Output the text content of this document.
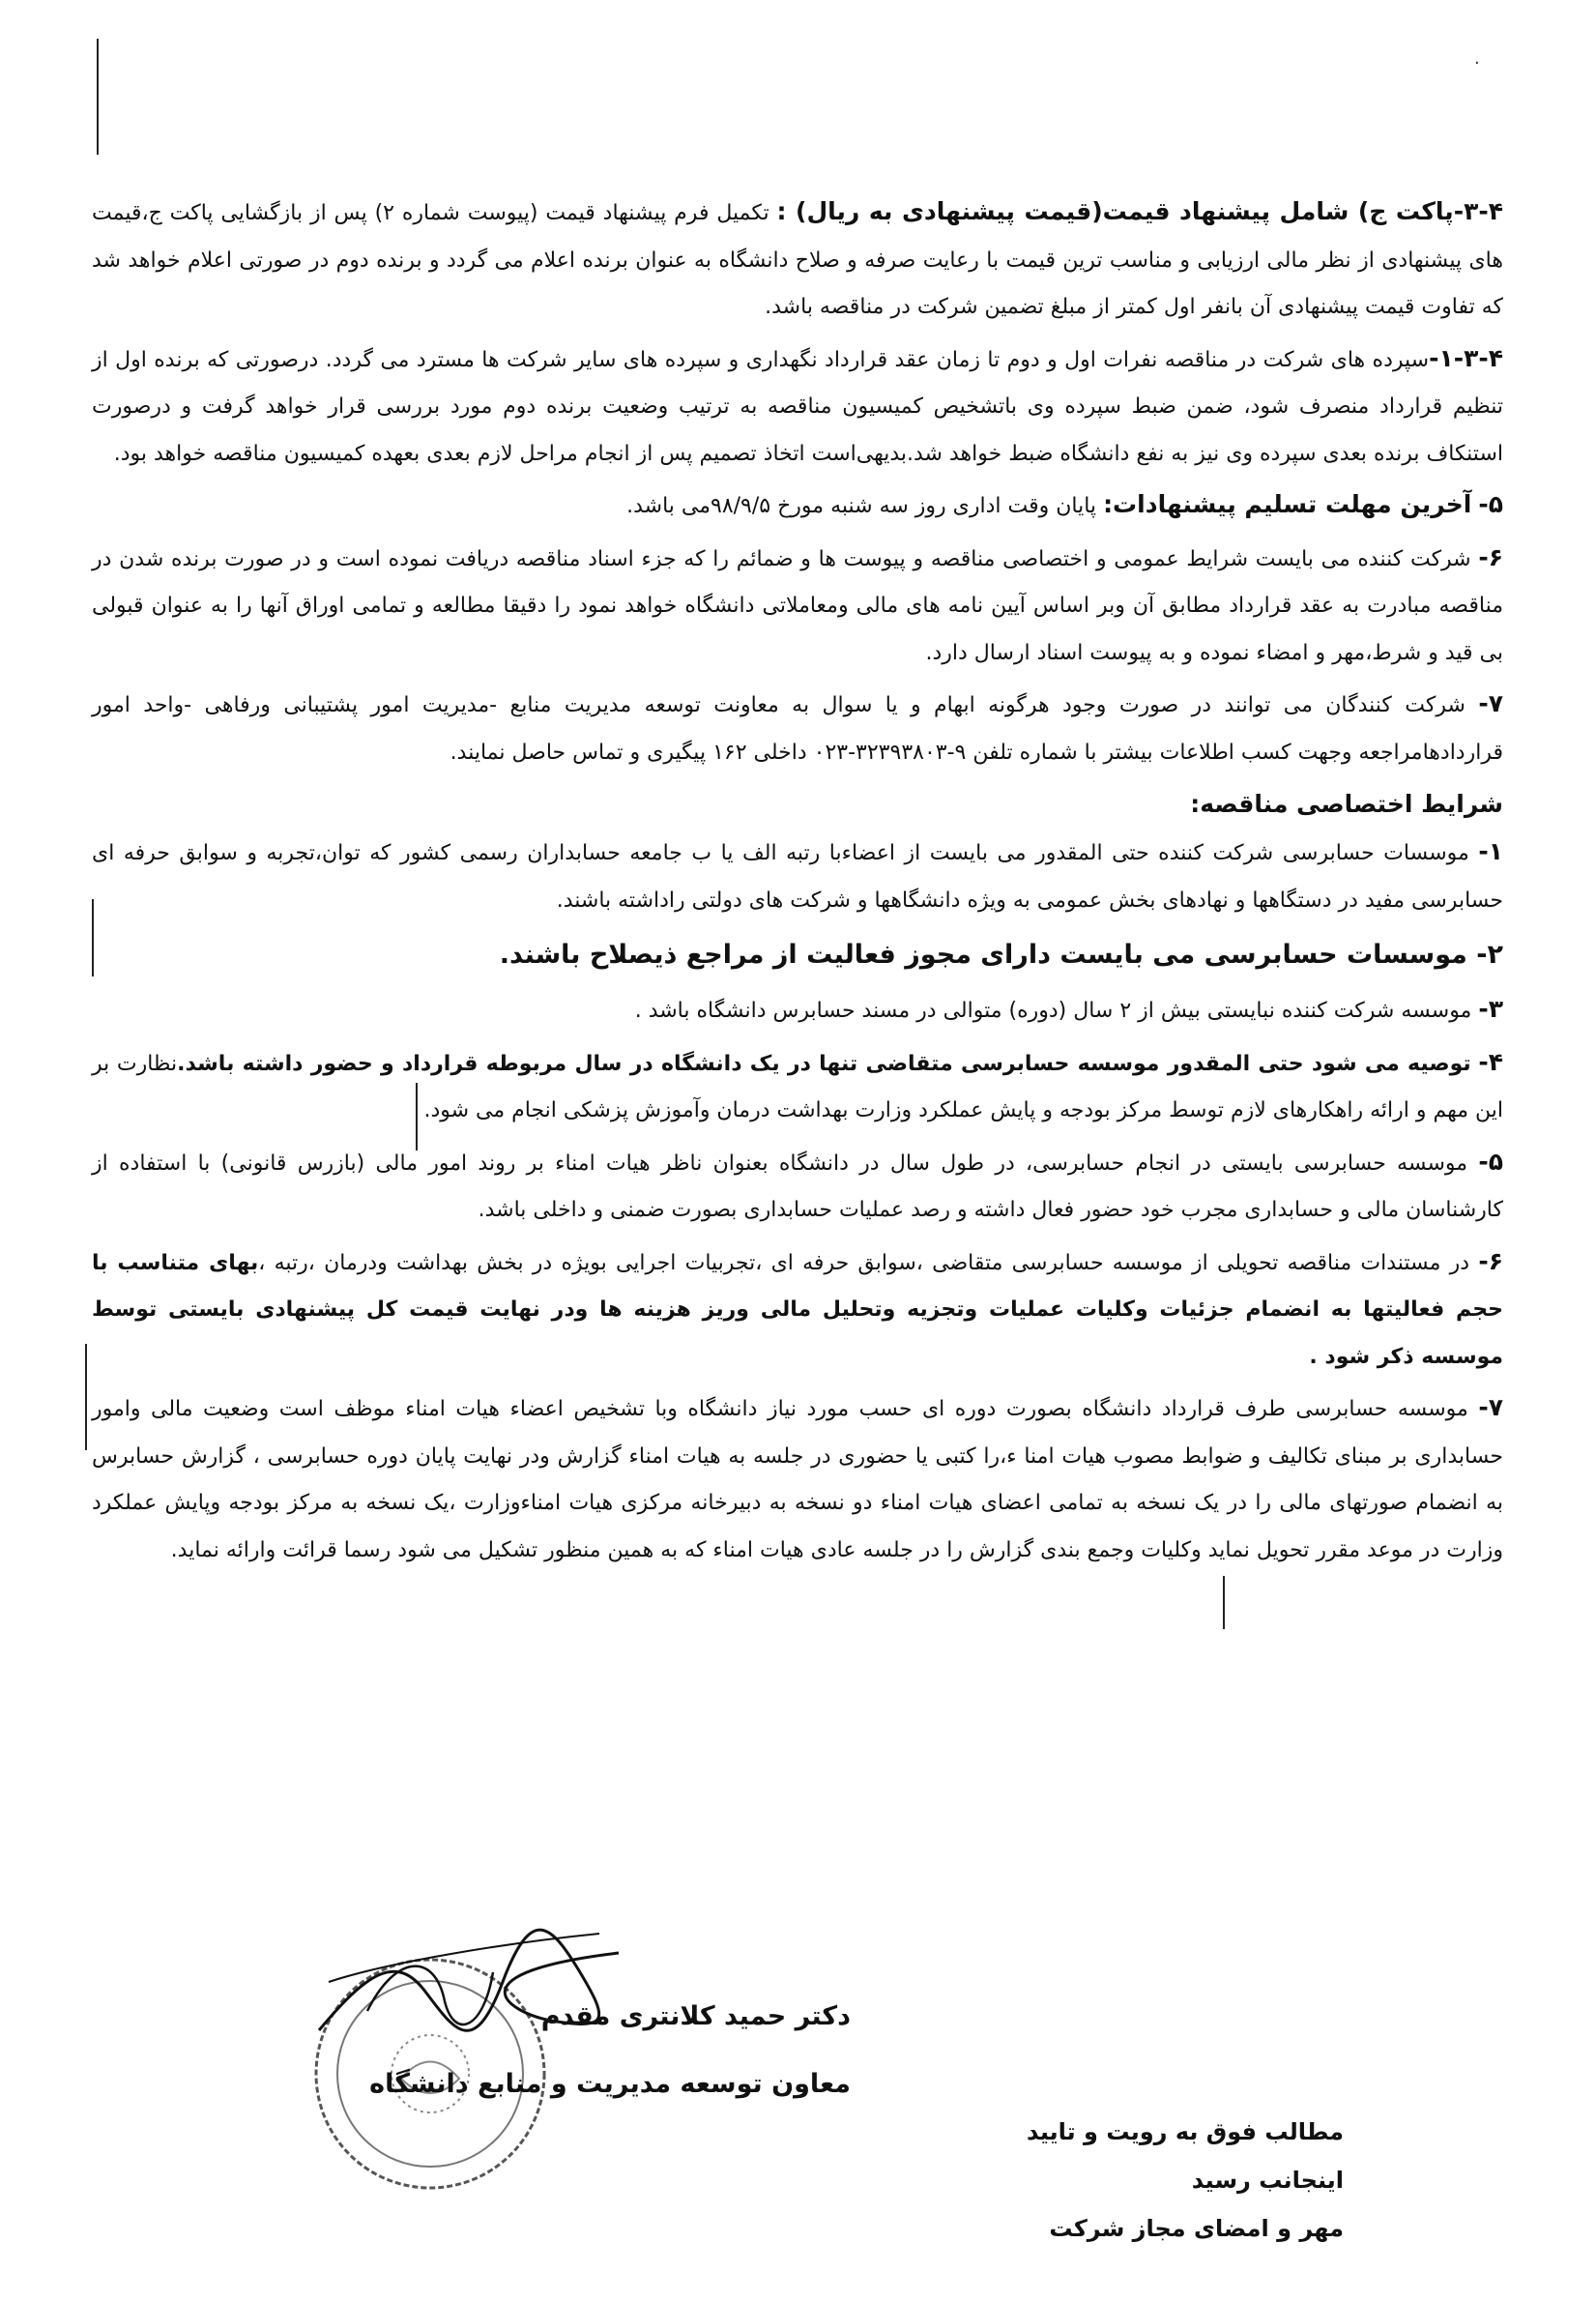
·

۳-۴-پاکت ج) شامل پیشنهاد قیمت(قیمت پیشنهادی به ریال) : تکمیل فرم پیشنهاد قیمت (پیوست شماره ۲) پس از بازگشایی پاکت ج،قیمت های پیشنهادی از نظر مالی ارزیابی و مناسب ترین قیمت با رعایت صرفه و صلاح دانشگاه به عنوان برنده اعلام می گردد و برنده دوم در صورتی اعلام خواهد شد که تفاوت قیمت پیشنهادی آن بانفر اول کمتر از مبلغ تضمین شرکت در مناقصه باشد.

۱-۳-۴-سپرده های شرکت در مناقصه نفرات اول و دوم تا زمان عقد قرارداد نگهداری و سپرده های سایر شرکت ها مسترد می گردد. درصورتی که برنده اول از تنظیم قرارداد منصرف شود، ضمن ضبط سپرده وی باتشخیص کمیسیون مناقصه به ترتیب وضعیت برنده دوم مورد بررسی قرار خواهد گرفت و درصورت استنکاف برنده بعدی سپرده وی نیز به نفع دانشگاه ضبط خواهد شد.بدیهی‌است اتخاذ تصمیم پس از انجام مراحل لازم بعدی بعهده کمیسیون مناقصه خواهد بود.

۵- آخرین مهلت تسلیم پیشنهادات: پایان وقت اداری روز سه شنبه مورخ ۹۸/۹/۵می باشد.

۶- شرکت کننده می بایست شرایط عمومی و اختصاصی مناقصه و پیوست ها و ضمائم را که جزء اسناد مناقصه دریافت نموده است و در صورت برنده شدن در مناقصه مبادرت به عقد قرارداد مطابق آن وبر اساس آیین نامه های مالی ومعاملاتی دانشگاه خواهد نمود را دقیقا مطالعه و تمامی اوراق آنها را به عنوان قبولی بی قید و شرط،مهر و امضاء نموده و به پیوست اسناد ارسال دارد.

۷- شرکت کنندگان می توانند در صورت وجود هرگونه ابهام و یا سوال به معاونت توسعه مدیریت منابع -مدیریت امور پشتیبانی ورفاهی -واحد امور قراردادهامراجعه وجهت کسب اطلاعات بیشتر با شماره تلفن ۹-۳۲۳۹۳۸۰۳-۰۲۳ داخلی ۱۶۲ پیگیری و تماس حاصل نمایند.

شرایط اختصاصی مناقصه:

۱- موسسات حسابرسی شرکت کننده حتی المقدور می بایست از اعضاءبا رتبه الف یا ب جامعه حسابداران رسمی کشور که توان،تجربه و سوابق حرفه ای حسابرسی مفید در دستگاهها و نهادهای بخش عمومی به ویژه دانشگاهها و شرکت های دولتی راداشته باشند.

۲- موسسات حسابرسی می بایست دارای مجوز فعالیت از مراجع ذیصلاح باشند.

۳- موسسه شرکت کننده نبایستی بیش از ۲ سال (دوره) متوالی در مسند حسابرس دانشگاه باشد .

۴- توصیه می شود حتی المقدور موسسه حسابرسی متقاضی تنها در یک دانشگاه در سال مربوطه قرارداد و حضور داشته باشد.نظارت بر این مهم و ارائه راهکارهای لازم توسط مرکز بودجه و پایش عملکرد وزارت بهداشت درمان وآموزش پزشکی انجام می شود.

۵- موسسه حسابرسی بایستی در انجام حسابرسی، در طول سال در دانشگاه بعنوان ناظر هیات امناء بر روند امور مالی (بازرس قانونی) با استفاده از کارشناسان مالی و حسابداری مجرب خود حضور فعال داشته و رصد عملیات حسابداری بصورت ضمنی و داخلی باشد.

۶- در مستندات مناقصه تحویلی از موسسه حسابرسی متقاضی ،سوابق حرفه ای ،تجربیات اجرایی بویژه در بخش بهداشت ودرمان ،رتبه ،بهای متناسب با حجم فعالیتها به انضمام جزئیات وکلیات عملیات وتجزیه وتحلیل مالی وریز هزینه ها ودر نهایت قیمت کل پیشنهادی بایستی توسط موسسه ذکر شود .

۷- موسسه حسابرسی طرف قرارداد دانشگاه بصورت دوره ای حسب مورد نیاز دانشگاه وبا تشخیص اعضاء هیات امناء موظف است وضعیت مالی وامور حسابداری بر مبنای تکالیف و ضوابط مصوب هیات امنا ء،را کتبی یا حضوری در جلسه به هیات امناء گزارش ودر نهایت پایان دوره حسابرسی ، گزارش حسابرس به انضمام صورتهای مالی را در یک نسخه به تمامی اعضای هیات امناء دو نسخه به دبیرخانه مرکزی هیات امناءوزارت ،یک نسخه به مرکز بودجه وپایش عملکرد وزارت در موعد مقرر تحویل نماید وکلیات وجمع بندی گزارش را در جلسه عادی هیات امناء که به همین منظور تشکیل می شود رسما قرائت وارائه نماید.

دکتر حمید کلانتری مقدم
معاون توسعه مدیریت و منابع دانشگاه
مطالب فوق به رویت و تایید اینجانب رسید
مهر و امضای مجاز شرکت
